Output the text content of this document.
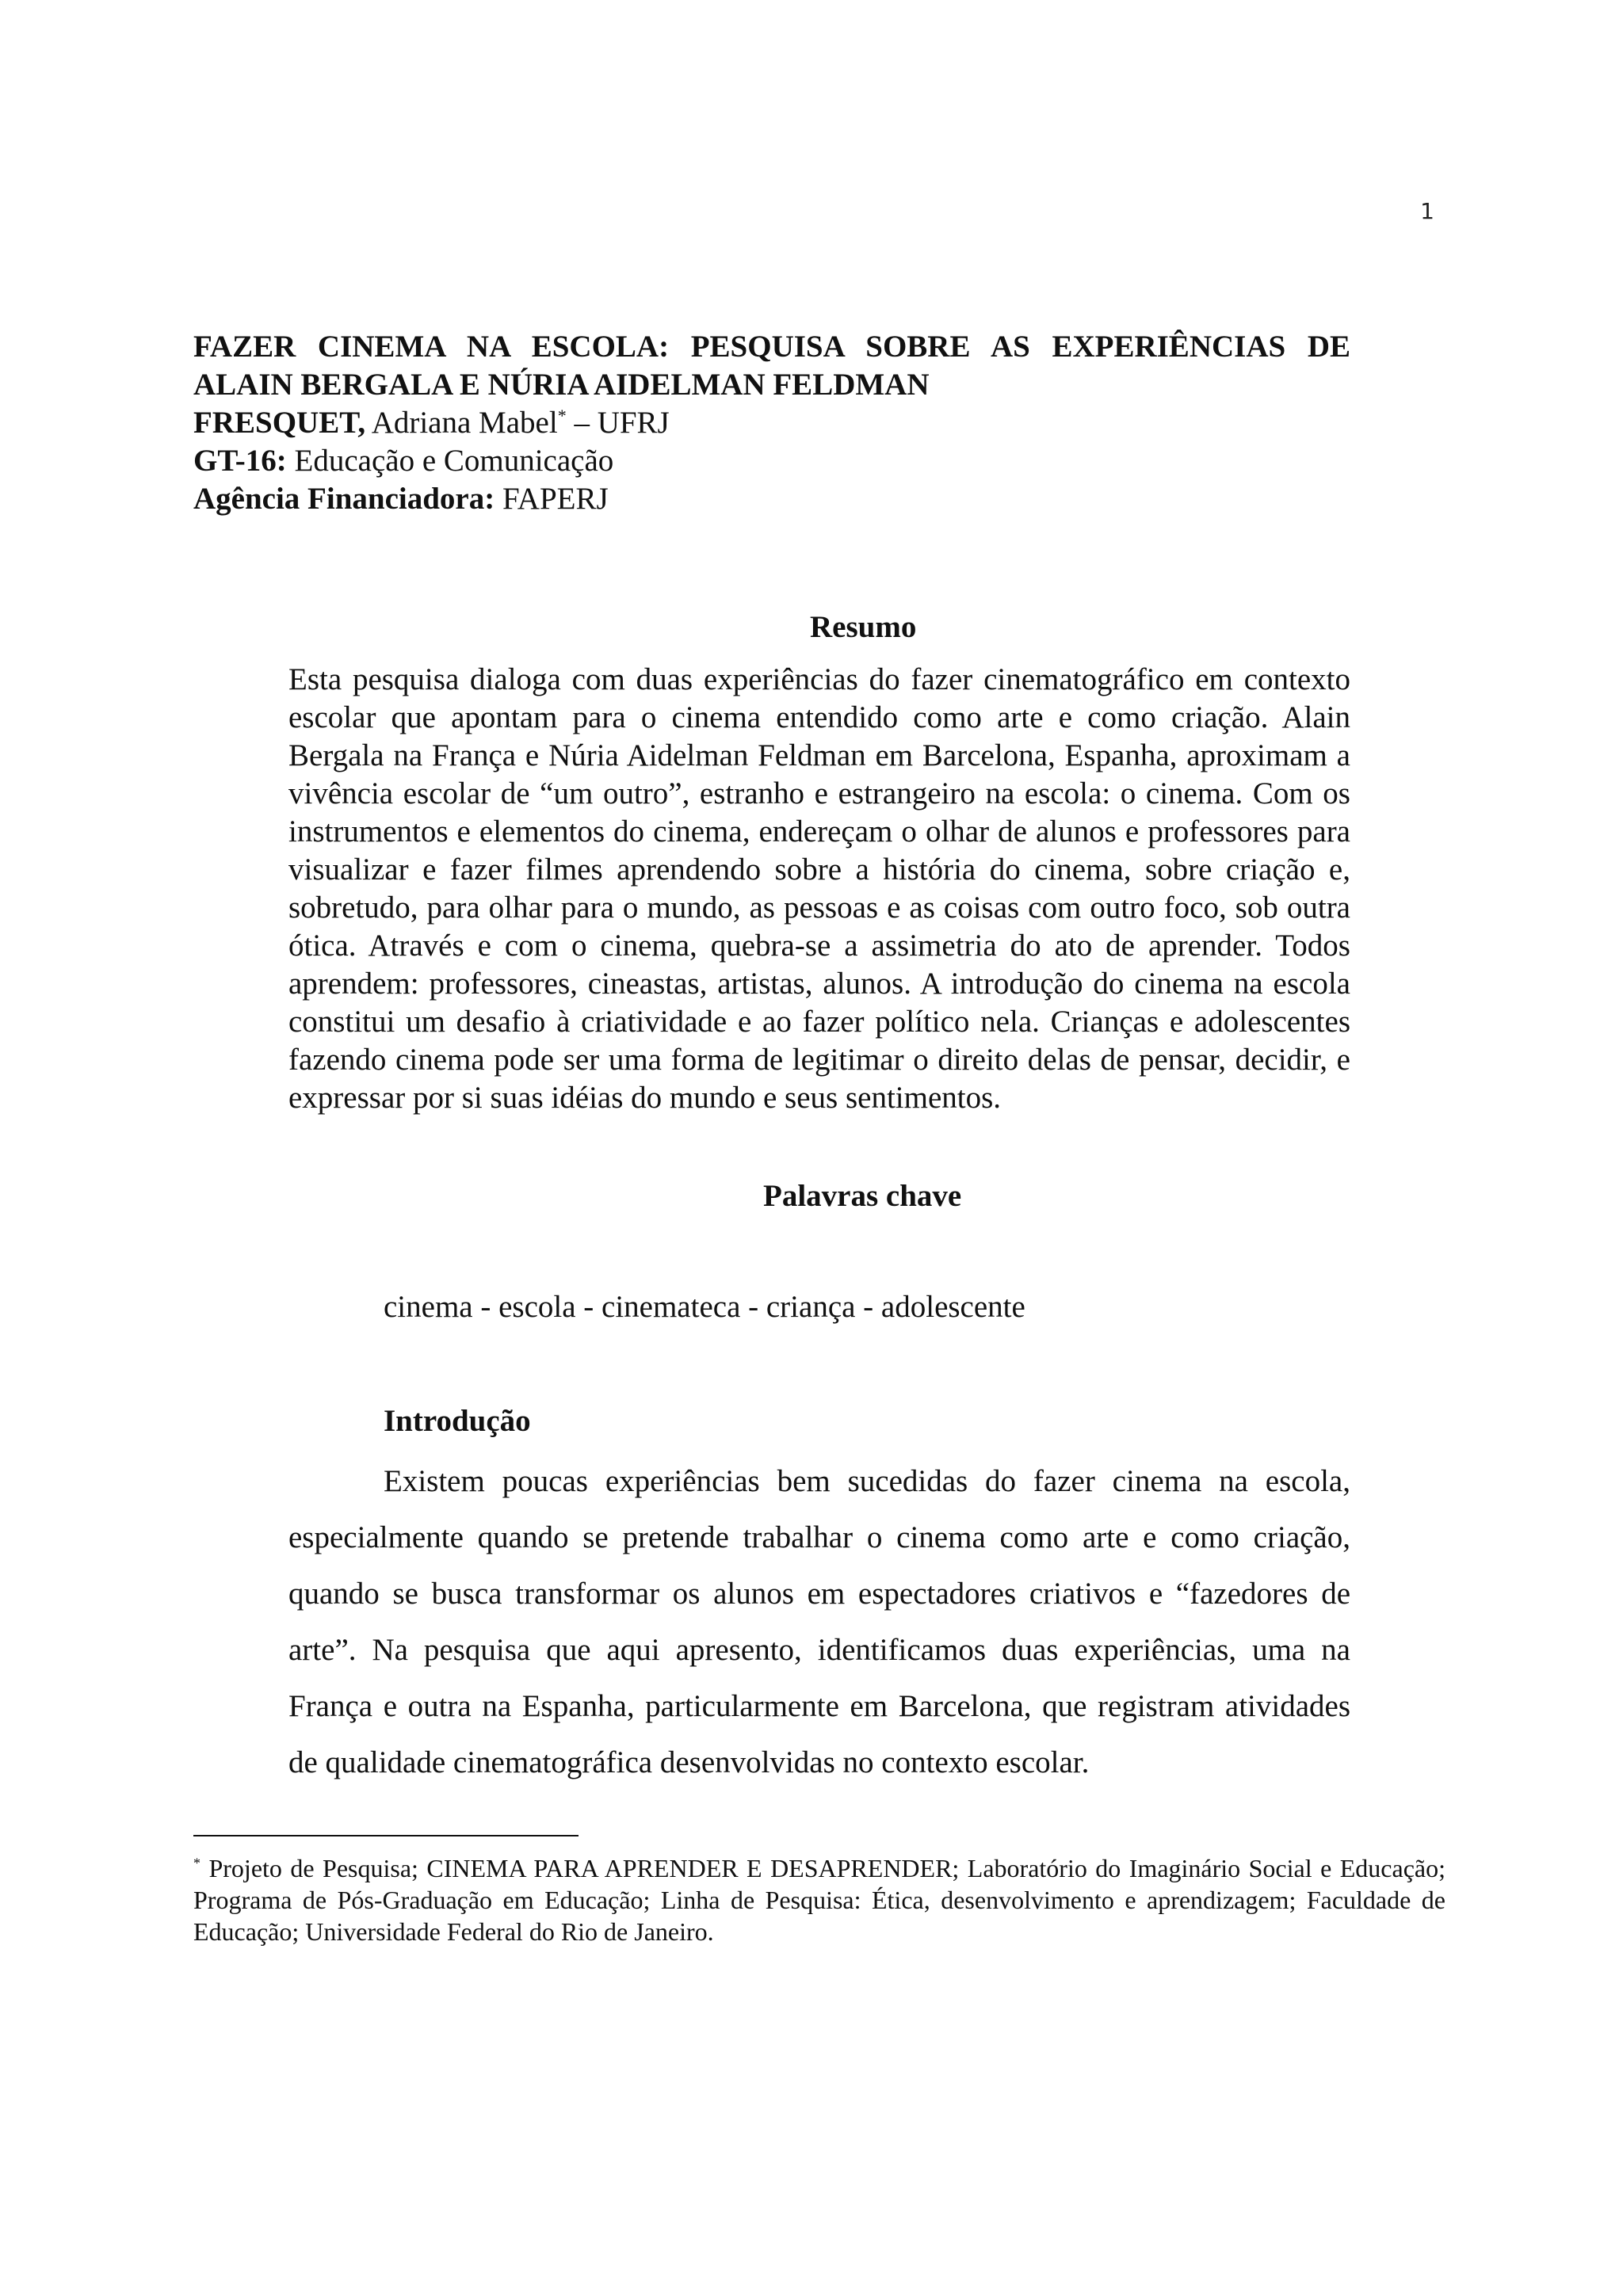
1
FAZER CINEMA NA ESCOLA: PESQUISA SOBRE AS EXPERIÊNCIAS DE
ALAIN BERGALA E NÚRIA AIDELMAN FELDMAN
FRESQUET, Adriana Mabel* – UFRJ
GT-16: Educação e Comunicação
Agência Financiadora: FAPERJ
Resumo

Esta pesquisa dialoga com duas experiências do fazer cinematográfico em contexto escolar que apontam para o cinema entendido como arte e como criação. Alain Bergala na França e Núria Aidelman Feldman em Barcelona, Espanha, aproximam a vivência escolar de “um outro”, estranho e estrangeiro na escola: o cinema. Com os instrumentos e elementos do cinema, endereçam o olhar de alunos e professores para visualizar e fazer filmes aprendendo sobre a história do cinema, sobre criação e, sobretudo, para olhar para o mundo, as pessoas e as coisas com outro foco, sob outra ótica. Através e com o cinema, quebra-se a assimetria do ato de aprender. Todos aprendem: professores, cineastas, artistas, alunos. A introdução do cinema na escola constitui um desafio à criatividade e ao fazer político nela. Crianças e adolescentes fazendo cinema pode ser uma forma de legitimar o direito delas de pensar, decidir, e expressar por si suas idéias do mundo e seus sentimentos.

Palavras chave
cinema - escola - cinemateca - criança - adolescente
Introdução

Existem poucas experiências bem sucedidas do fazer cinema na escola, especialmente quando se pretende trabalhar o cinema como arte e como criação, quando se busca transformar os alunos em espectadores criativos e “fazedores de arte”. Na pesquisa que aqui apresento, identificamos duas experiências, uma na França e outra na Espanha, particularmente em Barcelona, que registram atividades de qualidade cinematográfica desenvolvidas no contexto escolar.

* Projeto de Pesquisa; CINEMA PARA APRENDER E DESAPRENDER; Laboratório do Imaginário Social e Educação; Programa de Pós-Graduação em Educação; Linha de Pesquisa: Ética, desenvolvimento e aprendizagem; Faculdade de Educação; Universidade Federal do Rio de Janeiro.
